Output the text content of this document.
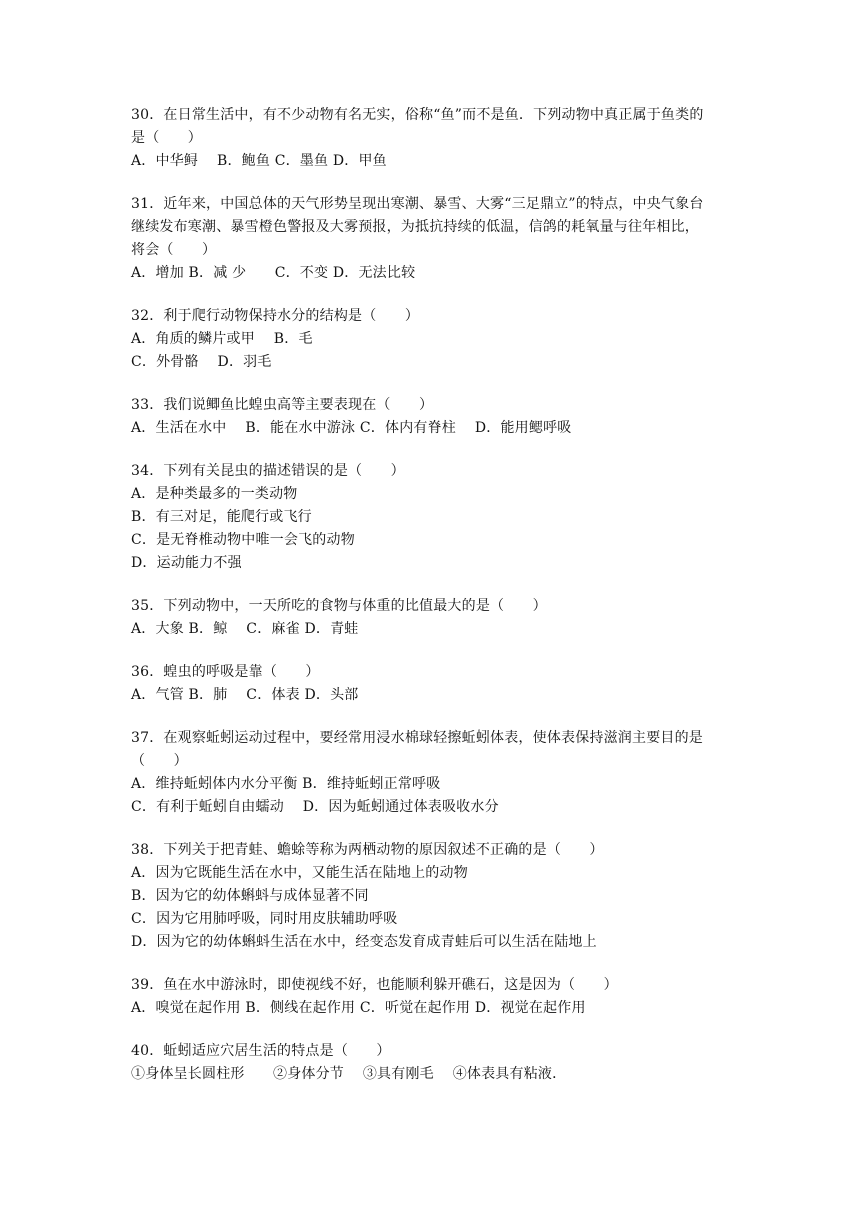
30．在日常生活中，有不少动物有名无实，俗称“鱼”而不是鱼．下列动物中真正属于鱼类的
是（　　）
A．中华鲟　 B．鲍鱼 C．墨鱼 D．甲鱼
31．近年来，中国总体的天气形势呈现出寒潮、暴雪、大雾“三足鼎立”的特点，中央气象台
继续发布寒潮、暴雪橙色警报及大雾预报，为抵抗持续的低温，信鸽的耗氧量与往年相比，
将会（　　）
A．增加 B．减 少　　C．不变 D．无法比较
32．利于爬行动物保持水分的结构是（　　）
A．角质的鳞片或甲　 B．毛
C．外骨骼　 D．羽毛
33．我们说鲫鱼比蝗虫高等主要表现在（　　）
A．生活在水中　 B．能在水中游泳 C．体内有脊柱　 D．能用鳃呼吸
34．下列有关昆虫的描述错误的是（　　）
A．是种类最多的一类动物
B．有三对足，能爬行或飞行
C．是无脊椎动物中唯一会飞的动物
D．运动能力不强
35．下列动物中，一天所吃的食物与体重的比值最大的是（　　）
A．大象 B．鲸　 C．麻雀 D．青蛙
36．蝗虫的呼吸是靠（　　）
A．气管 B．肺　 C．体表 D．头部
37．在观察蚯蚓运动过程中，要经常用浸水棉球轻擦蚯蚓体表，使体表保持滋润主要目的是
（　　）
A．维持蚯蚓体内水分平衡 B．维持蚯蚓正常呼吸
C．有利于蚯蚓自由蠕动　 D．因为蚯蚓通过体表吸收水分
38．下列关于把青蛙、蟾蜍等称为两栖动物的原因叙述不正确的是（　　）
A．因为它既能生活在水中，又能生活在陆地上的动物
B．因为它的幼体蝌蚪与成体显著不同
C．因为它用肺呼吸，同时用皮肤辅助呼吸
D．因为它的幼体蝌蚪生活在水中，经变态发育成青蛙后可以生活在陆地上
39．鱼在水中游泳时，即使视线不好，也能顺利躲开礁石，这是因为（　　）
A．嗅觉在起作用 B．侧线在起作用 C．听觉在起作用 D．视觉在起作用
40．蚯蚓适应穴居生活的特点是（　　）
①身体呈长圆柱形　　②身体分节　 ③具有刚毛　 ④体表具有粘液．
